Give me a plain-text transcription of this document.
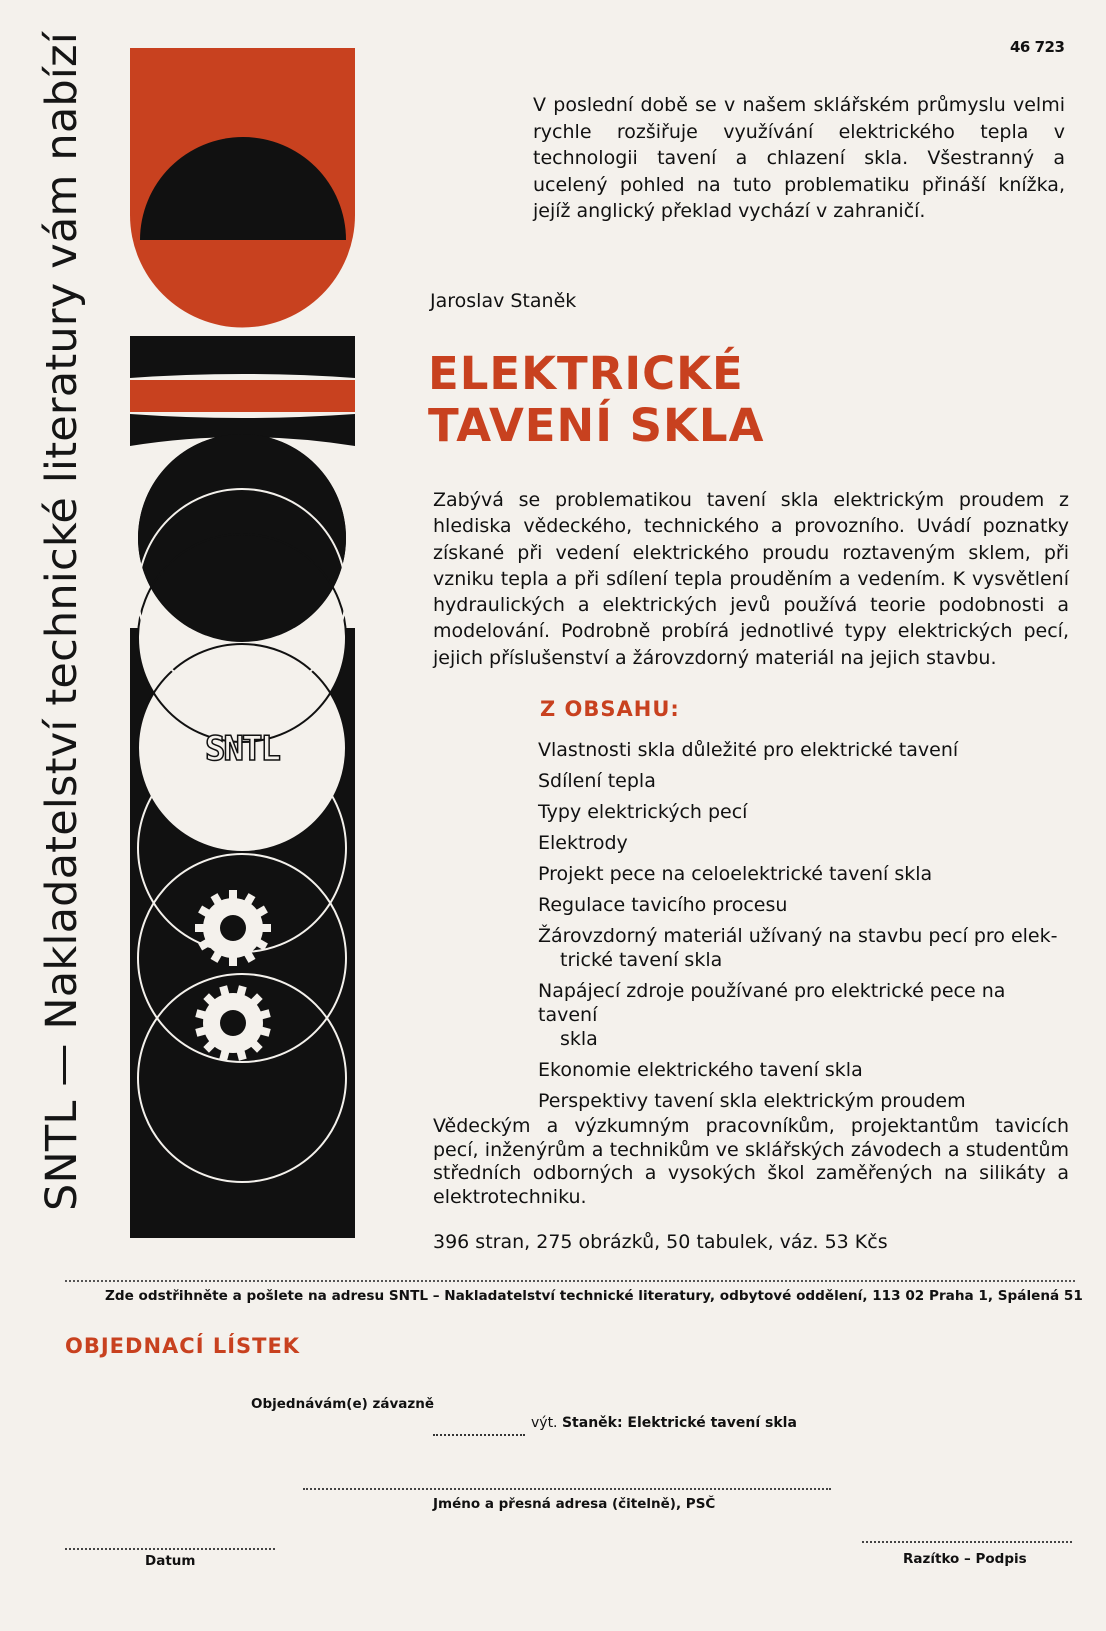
46 723
SNTL — Nakladatelství technické literatury vám nabízí	SNTL

V poslední době se v našem sklářském průmyslu velmi rychle rozšiřuje využívání elektrického tepla v technologii tavení a chlazení skla. Všestranný a ucelený pohled na tuto problematiku přináší knížka, jejíž anglický překlad vychází v zahraničí.

Jaroslav Staněk

ELEKTRICKÉ
TAVENÍ SKLA

Zabývá se problematikou tavení skla elektrickým proudem z hlediska vědeckého, technického a provozního. Uvádí poznatky získané při vedení elektrického proudu roztaveným sklem, při vzniku tepla a při sdílení tepla prouděním a vedením. K vysvětlení hydraulických a elektrických jevů používá teorie podobnosti a modelování. Podrobně probírá jednotlivé typy elektrických pecí, jejich příslušenství a žárovzdorný materiál na jejich stavbu.

Z OBSAHU:
Vlastnosti skla důležité pro elektrické tavení
Sdílení tepla
Typy elektrických pecí
Elektrody
Projekt pece na celoelektrické tavení skla
Regulace tavicího procesu
Žárovzdorný materiál užívaný na stavbu pecí pro elek-
trické tavení skla
Napájecí zdroje používané pro elektrické pece na tavení
skla
Ekonomie elektrického tavení skla
Perspektivy tavení skla elektrickým proudem

Vědeckým a výzkumným pracovníkům, projektantům tavicích pecí, inženýrům a technikům ve sklářských závodech a studentům středních odborných a vysokých škol zaměřených na silikáty a elektrotechniku.

396 stran, 275 obrázků, 50 tabulek, váz. 53 Kčs

Zde odstřihněte a pošlete na adresu SNTL – Nakladatelství technické literatury, odbytové oddělení, 113 02 Praha 1, Spálená 51

OBJEDNACÍ LÍSTEK

Objednávám(e) závazně

výt. Staněk: Elektrické tavení skla

Jméno a přesná adresa (čitelně), PSČ

Datum	Razítko – Podpis
